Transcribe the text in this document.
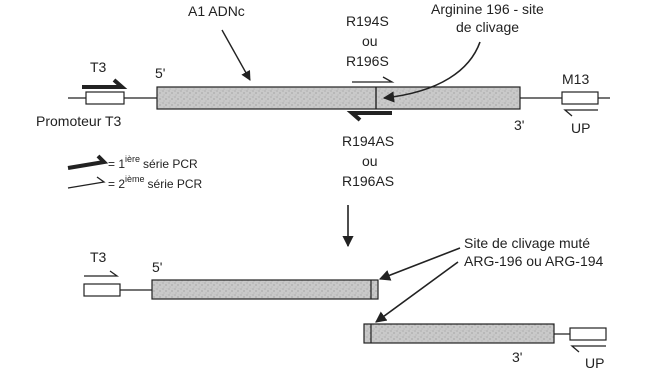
A1 ADNc	Arginine 196 - site
de clivage
R194S
ou
R196S
T3	5'
Promoteur T3
M13
3'	UP
R194AS
ou
R196AS
= $1^{ière}$ série PCR
= 2ième série PCR
T3
5'
3'	UP
Site de clivage muté
ARG-196 ou ARG-194
